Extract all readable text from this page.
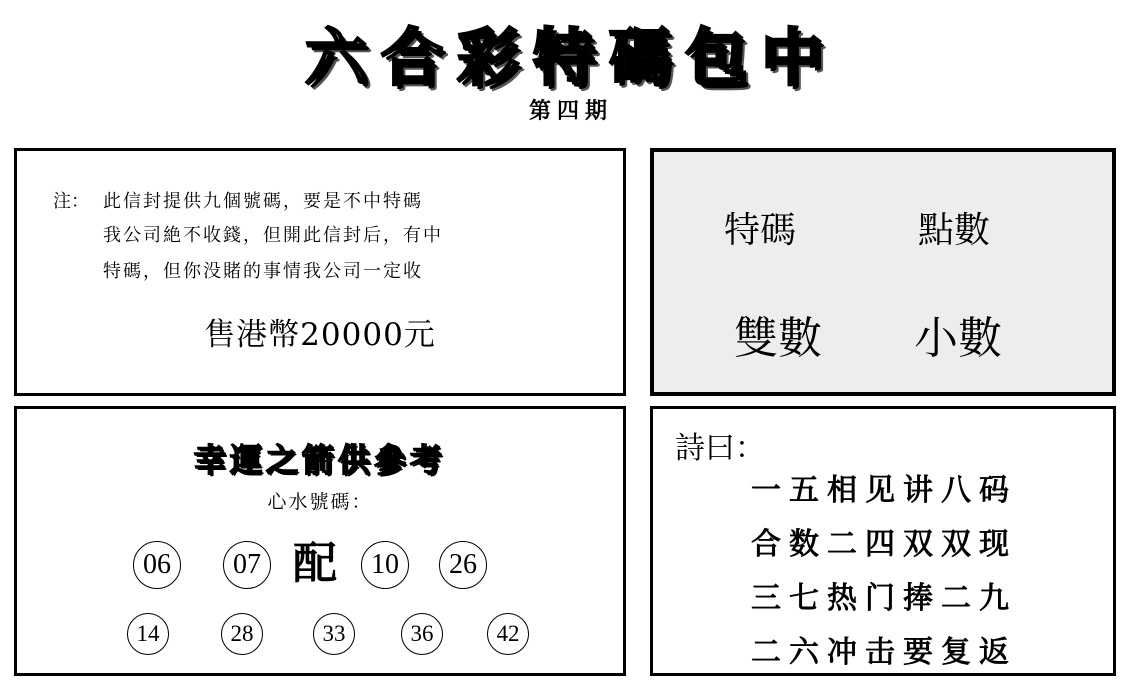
六合彩特碼包中
第四期
注： 此信封提供九個號碼，要是不中特碼
我公司絶不收錢，但開此信封后，有中
特碼，但你没賭的事情我公司一定收
售港幣20000元
特碼	點數
雙數 小數
幸運之箭供參考
心水號碼：
06	07 配	10	26
14	28	33	36	42
詩曰：
一五相见讲八码
合数二四双双现
三七热门捧二九
二六冲击要复返
